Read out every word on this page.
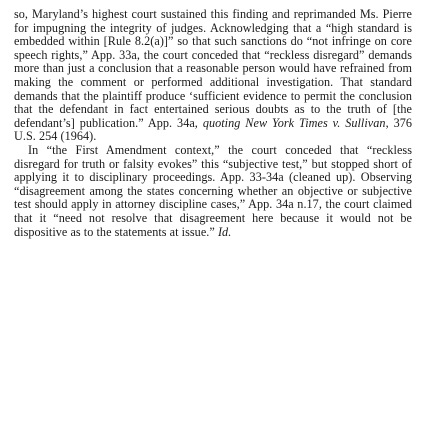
so, Maryland’s highest court sustained this finding and reprimanded Ms. Pierre for impugning the integrity of judges. Acknowledging that a “high standard is embedded within [Rule 8.2(a)]” so that such sanctions do “not infringe on core speech rights,” App. 33a, the court conceded that “reckless disregard” demands more than just a conclusion that a reasonable person would have refrained from making the comment or performed additional investigation. That standard demands that the plaintiff produce ‘sufficient evidence to permit the conclusion that the defendant in fact entertained serious doubts as to the truth of [the defendant’s] publication.” App. 34a, quoting New York Times v. Sullivan, 376 U.S. 254 (1964).

In “the First Amendment context,” the court conceded that “reckless disregard for truth or falsity evokes” this “subjective test,” but stopped short of applying it to disciplinary proceedings. App. 33-34a (cleaned up). Observing “disagreement among the states concerning whether an objective or subjective test should apply in attorney discipline cases,” App. 34a n.17, the court claimed that it “need not resolve that disagreement here because it would not be dispositive as to the statements at issue.” Id.
